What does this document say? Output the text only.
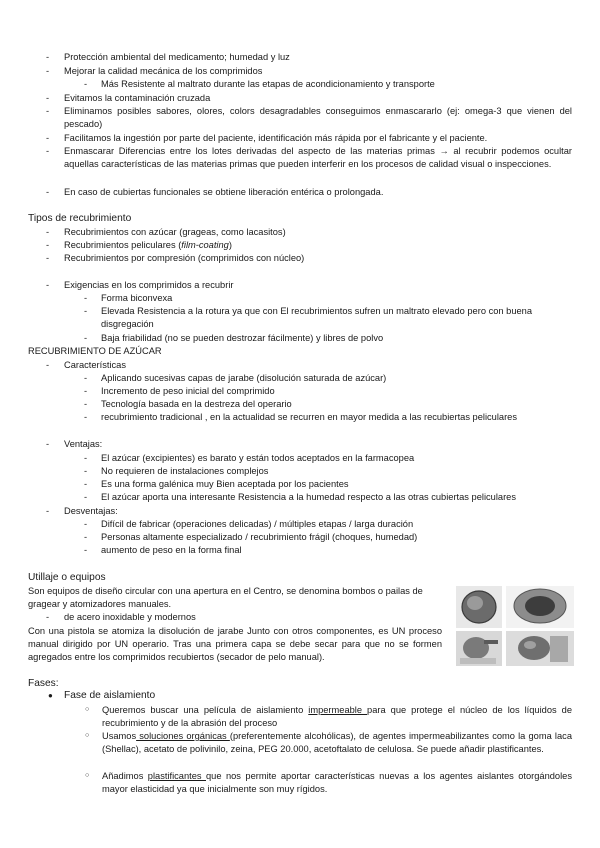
- Protección ambiental del medicamento; humedad y luz
- Mejorar la calidad mecánica de los comprimidos
- Más Resistente al maltrato durante las etapas de acondicionamiento y transporte
- Evitamos la contaminación cruzada
- Eliminamos posibles sabores, olores, colors desagradables conseguimos enmascararlo (ej: omega-3 que vienen del pescado)
- Facilitamos la ingestión por parte del paciente, identificación más rápida por el fabricante y el paciente.
- Enmascarar Diferencias entre los lotes derivadas del aspecto de las materias primas → al recubrir podemos ocultar aquellas características de las materias primas que pueden interferir en los procesos de calidad visual o inspecciones.
- En caso de cubiertas funcionales se obtiene liberación entérica o prolongada.
Tipos de recubrimiento
- Recubrimientos con azúcar (grageas, como lacasitos)
- Recubrimientos peliculares (film-coating)
- Recubrimientos por compresión (comprimidos con núcleo)
- Exigencias en los comprimidos a recubrir
- Forma biconvexa
- Elevada Resistencia a la rotura ya que con El recubrimientos sufren un maltrato elevado pero con buena disgregación
- Baja friabilidad (no se pueden destrozar fácilmente) y libres de polvo
RECUBRIMIENTO DE AZÚCAR
- Características
- Aplicando sucesivas capas de jarabe (disolución saturada de azúcar)
- Incremento de peso inicial del comprimido
- Tecnología basada en la destreza del operario
- recubrimiento tradicional , en la actualidad se recurren en mayor medida a las recubiertas peliculares
- Ventajas:
- El azúcar (excipientes) es barato y están todos aceptados en la farmacopea
- No requieren de instalaciones complejos
- Es una forma galénica muy Bien aceptada por los pacientes
- El azúcar aporta una interesante Resistencia a la humedad respecto a las otras cubiertas peliculares
- Desventajas:
- Difícil de fabricar (operaciones delicadas) / múltiples etapas / larga duración
- Personas altamente especializado / recubrimiento frágil (choques, humedad)
- aumento de peso en la forma final
Utillaje o equipos
Son equipos de diseño circular con una apertura en el Centro, se denomina bombos o pailas de gragear y atomizadores manuales.
- de acero inoxidable y modernos
Con una pistola se atomiza la disolución de jarabe Junto con otros componentes, es UN proceso manual dirigido por UN operario. Tras una primera capa se debe secar para que no se formen agregados entre los comprimidos recubiertos (secador de pelo manual).
Fases:
● Fase de aislamiento
○ Queremos buscar una película de aislamiento impermeable para que protege el núcleo de los líquidos de recubrimiento y de la abrasión del proceso
○ Usamos soluciones orgánicas (preferentemente alcohólicas), de agentes impermeabilizantes como la goma laca (Shellac), acetato de polivinilo, zeina, PEG 20.000, acetoftalato de celulosa. Se puede añadir plastificantes.
○ Añadimos plastificantes que nos permite aportar características nuevas a los agentes aislantes otorgándoles mayor elasticidad ya que inicialmente son muy rígidos.
